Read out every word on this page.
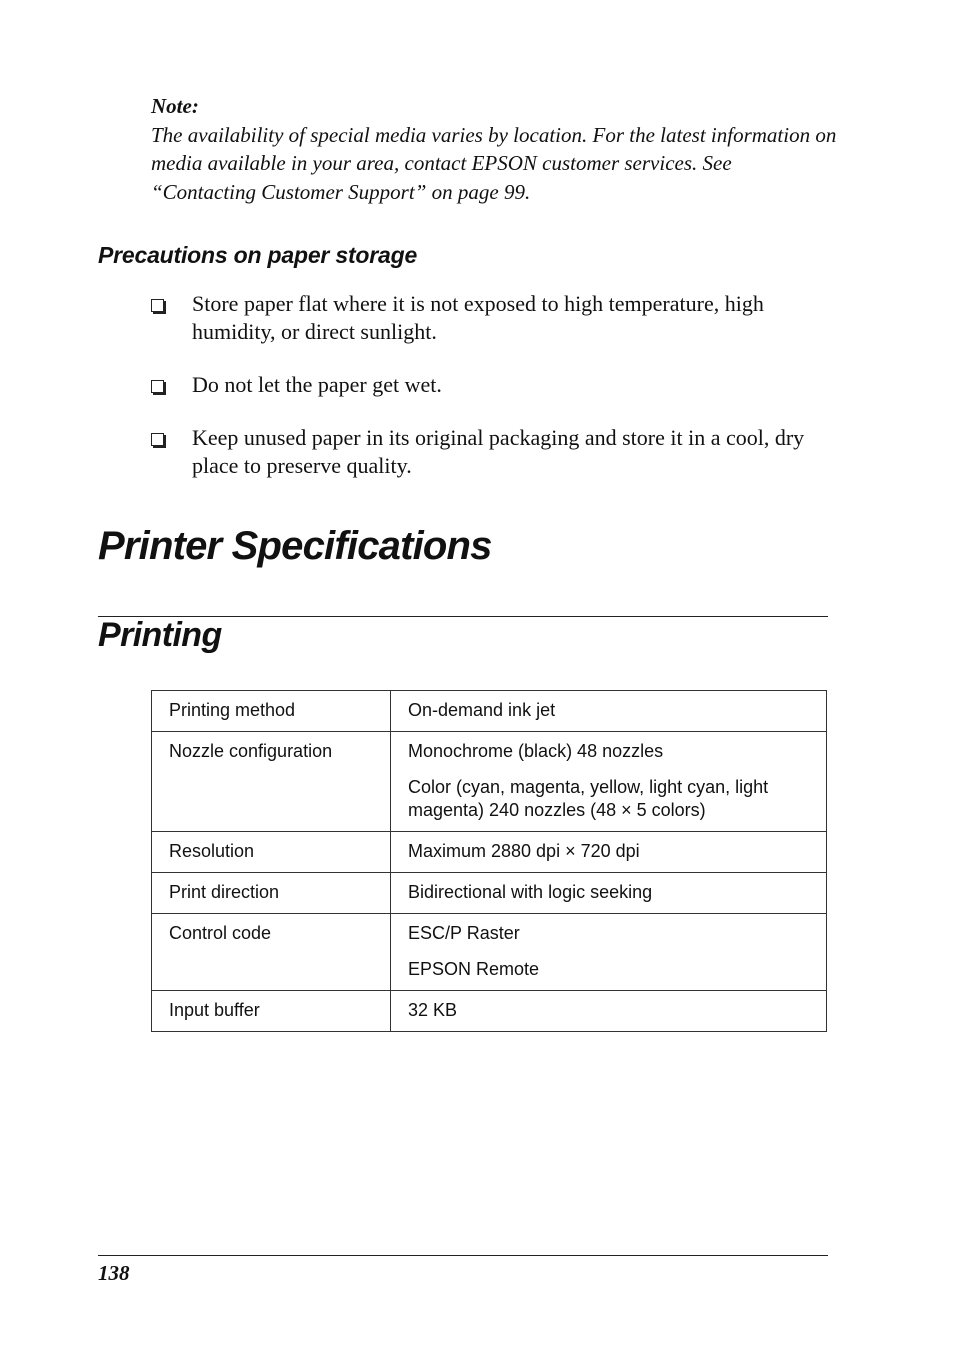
Note:
The availability of special media varies by location. For the latest information on media available in your area, contact EPSON customer services. See “Contacting Customer Support” on page 99.
Precautions on paper storage
Store paper flat where it is not exposed to high temperature, high humidity, or direct sunlight.
Do not let the paper get wet.
Keep unused paper in its original packaging and store it in a cool, dry place to preserve quality.
Printer Specifications
Printing
Printing method	On-demand ink jet

Nozzle configuration	Monochrome (black) 48 nozzles
Color (cyan, magenta, yellow, light cyan, light magenta) 240 nozzles (48 × 5 colors)

Resolution	Maximum 2880 dpi × 720 dpi

Print direction	Bidirectional with logic seeking

Control code	ESC/P Raster
EPSON Remote

Input buffer	32 KB
138
